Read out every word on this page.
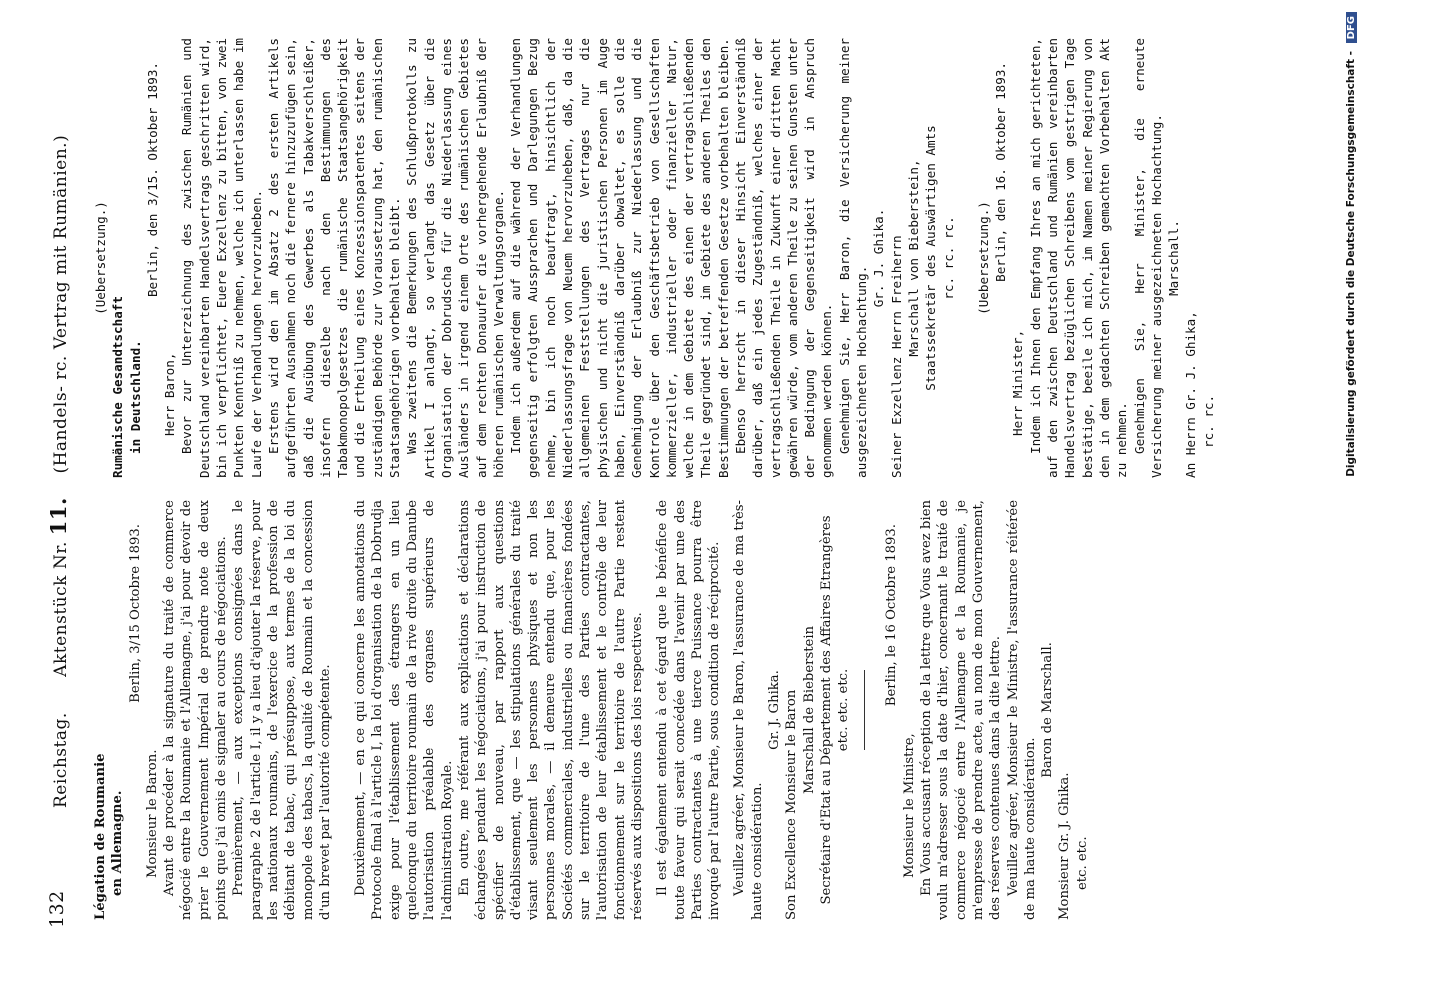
132
Reichstag.      Aktenstück Nr. 11.    (Handels- rc. Vertrag mit Rumänien.)

Légation de Roumanie en Allemagne.

Berlin, 3/15 Octobre 1893.

Monsieur le Baron. Avant de procéder à la signature du traité de commerce négocié entre la Roumanie et l'Allemagne, j'ai pour devoir de prier le Gouvernement Impérial de prendre note de deux points que j'ai omis de signaler au cours de négociations. Premièrement, — aux exceptions consignées dans le paragraphe 2 de l'article I, il y a lieu d'ajouter la réserve, pour les nationaux roumains, de l'exercice de la profession de débitant de tabac, qui présuppose, aux termes de la loi du monopole des tabacs, la qualité de Roumain et la concession d'un brevet par l'autorité compétente. Deuxièmement, — en ce qui concerne les annotations du Protocole final à l'article I, la loi d'organisation de la Dobrudja exige pour l'établissement des étrangers en un lieu quelconque du territoire roumain de la rive droite du Danube l'autorisation préalable des organes supérieurs de l'administration Royale. En outre, me référant aux explications et déclarations échangées pendant les négociations, j'ai pour instruction de spécifier de nouveau, par rapport aux questions d'établissement, que — les stipulations générales du traité visant seulement les personnes physiques et non les personnes morales, — il demeure entendu que, pour les Sociétés commerciales, industrielles ou financières fondées sur le territoire de l'une des Parties contractantes, l'autorisation de leur établissement et le contrôle de leur fonctionnement sur le territoire de l'autre Partie restent réservés aux dispositions des lois respectives. Il est également entendu à cet égard que le bénéfice de toute faveur qui serait concédée dans l'avenir par une des Parties contractantes à une tierce Puissance pourra être invoqué par l'autre Partie, sous condition de réciprocité. Veuillez agréer, Monsieur le Baron, l'assurance de ma très-haute considération.

Gr. J. Ghika. Son Excellence Monsieur le Baron Marschall de Bieberstein Secrétaire d'Etat au Département des Affaires Etrangères etc. etc. etc.

Berlin, le 16 Octobre 1893.

Monsieur le Ministre, En Vous accusant réception de la lettre que Vous avez bien voulu m'adresser sous la date d'hier, concernant le traité de commerce négocié entre l'Allemagne et la Roumanie, je m'empresse de prendre acte, au nom de mon Gouvernement, des réserves contenues dans la dite lettre. Veuillez agréer, Monsieur le Ministre, l'assurance réitérée de ma haute considération.

Baron de Marschall.

Monsieur Gr. J. Ghika. etc. etc.

(Uebersetzung.)

Rumänische Gesandtschaft in Deutschland.

Berlin, den 3/15. Oktober 1893.

Herr Baron, Bevor zur Unterzeichnung des zwischen Rumänien und Deutschland vereinbarten Handelsvertrags geschritten wird, bin ich verpflichtet, Euere Exzellenz zu bitten, von zwei Punkten Kenntniß zu nehmen, welche ich unterlassen habe im Laufe der Verhandlungen hervorzuheben. Erstens wird den im Absatz 2 des ersten Artikels aufgeführten Ausnahmen noch die fernere hinzuzufügen sein, daß die Ausübung des Gewerbes als Tabakverschleißer, insofern dieselbe nach den Bestimmungen des Tabakmonopolgesetzes die rumänische Staatsangehörigkeit und die Ertheilung eines Konzessionspatentes seitens der zuständigen Behörde zur Voraussetzung hat, den rumänischen Staatsangehörigen vorbehalten bleibt. Was zweitens die Bemerkungen des Schlußprotokolls zu Artikel I anlangt, so verlangt das Gesetz über die Organisation der Dobrudscha für die Niederlassung eines Ausländers in irgend einem Orte des rumänischen Gebietes auf dem rechten Donauufer die vorhergehende Erlaubniß der höheren rumänischen Verwaltungsorgane. Indem ich außerdem auf die während der Verhandlungen gegenseitig erfolgten Aussprachen und Darlegungen Bezug nehme, bin ich noch beauftragt, hinsichtlich der Niederlassungsfrage von Neuem hervorzuheben, daß, da die allgemeinen Feststellungen des Vertrages nur die physischen und nicht die juristischen Personen im Auge haben, Einverständniß darüber obwaltet, es solle die Genehmigung der Erlaubniß zur Niederlassung und die Kontrole über den Geschäftsbetrieb von Gesellschaften kommerzieller, industrieller oder finanzieller Natur, welche in dem Gebiete des einen der vertragschließenden Theile gegründet sind, im Gebiete des anderen Theiles den Bestimmungen der betreffenden Gesetze vorbehalten bleiben. Ebenso herrscht in dieser Hinsicht Einverständniß darüber, daß ein jedes Zugeständniß, welches einer der vertragschließenden Theile in Zukunft einer dritten Macht gewähren würde, vom anderen Theile zu seinen Gunsten unter der Bedingung der Gegenseitigkeit wird in Anspruch genommen werden können. Genehmigen Sie, Herr Baron, die Versicherung meiner ausgezeichneten Hochachtung.

Gr. J. Ghika. Seiner Exzellenz Herrn Freiherrn Marschall von Bieberstein, Staatssekretär des Auswärtigen Amts rc. rc. rc. (Uebersetzung.) Berlin, den 16. Oktober 1893.

Herr Minister, Indem ich Ihnen den Empfang Ihres an mich gerichteten, auf den zwischen Deutschland und Rumänien vereinbarten Handelsvertrag bezüglichen Schreibens vom gestrigen Tage bestätige, beeile ich mich, im Namen meiner Regierung von den in dem gedachten Schreiben gemachten Vorbehalten Akt zu nehmen. Genehmigen Sie, Herr Minister, die erneute Versicherung meiner ausgezeichneten Hochachtung. Marschall.

An Herrn Gr. J. Ghika, rc. rc.	Digitalisierung gefördert durch die Deutsche Forschungsgemeinschaft - DFG
